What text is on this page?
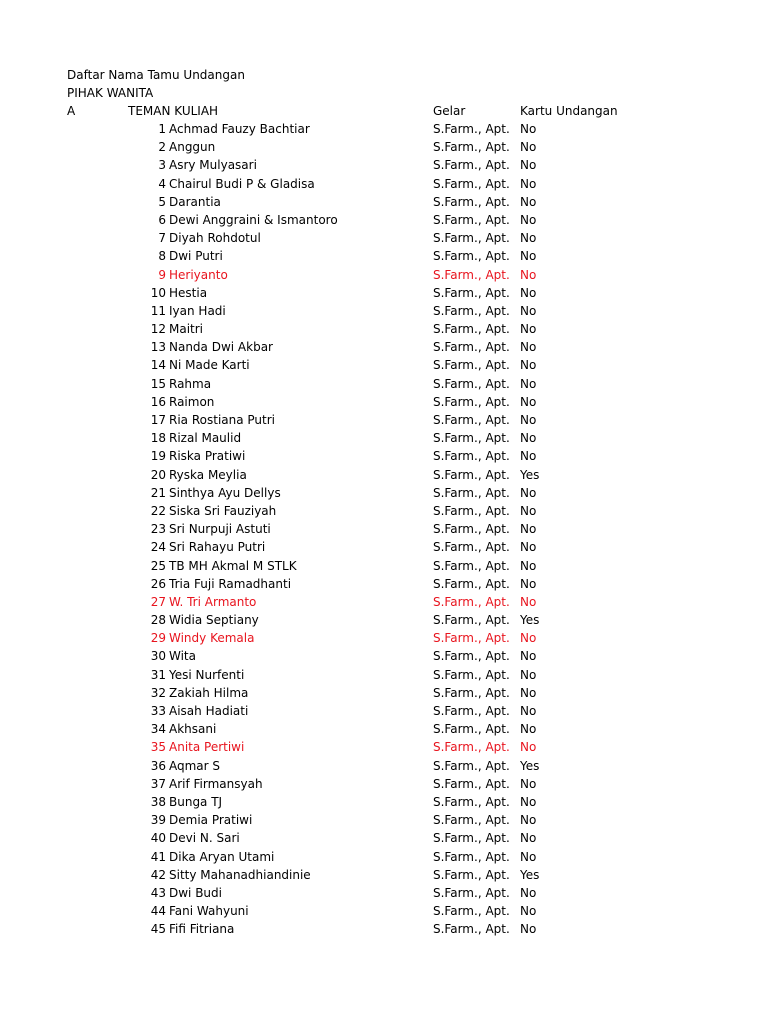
Daftar Nama Tamu Undangan
PIHAK WANITA
A	TEMAN KULIAH	Gelar	Kartu Undangan
1 Achmad Fauzy Bachtiar	S.Farm., Apt. No
2 Anggun	S.Farm., Apt. No
3 Asry Mulyasari	S.Farm., Apt. No
4 Chairul Budi P & Gladisa	S.Farm., Apt. No
5 Darantia	S.Farm., Apt. No
6 Dewi Anggraini & Ismantoro	S.Farm., Apt. No
7 Diyah Rohdotul	S.Farm., Apt. No
8 Dwi Putri	S.Farm., Apt. No
9 Heriyanto	S.Farm., Apt. No
10 Hestia	S.Farm., Apt. No
11 Iyan Hadi	S.Farm., Apt. No
12 Maitri	S.Farm., Apt. No
13 Nanda Dwi Akbar	S.Farm., Apt. No
14 Ni Made Karti	S.Farm., Apt. No
15 Rahma	S.Farm., Apt. No
16 Raimon	S.Farm., Apt. No
17 Ria Rostiana Putri	S.Farm., Apt. No
18 Rizal Maulid	S.Farm., Apt. No
19 Riska Pratiwi	S.Farm., Apt. No
20 Ryska Meylia	S.Farm., Apt. Yes
21 Sinthya Ayu Dellys	S.Farm., Apt. No
22 Siska Sri Fauziyah	S.Farm., Apt. No
23 Sri Nurpuji Astuti	S.Farm., Apt. No
24 Sri Rahayu Putri	S.Farm., Apt. No
25 TB MH Akmal M STLK	S.Farm., Apt. No
26 Tria Fuji Ramadhanti	S.Farm., Apt. No
27 W. Tri Armanto	S.Farm., Apt. No
28 Widia Septiany	S.Farm., Apt. Yes
29 Windy Kemala	S.Farm., Apt. No
30 Wita	S.Farm., Apt. No
31 Yesi Nurfenti	S.Farm., Apt. No
32 Zakiah Hilma	S.Farm., Apt. No
33 Aisah Hadiati	S.Farm., Apt. No
34 Akhsani	S.Farm., Apt. No
35 Anita Pertiwi	S.Farm., Apt. No
36 Aqmar S	S.Farm., Apt. Yes
37 Arif Firmansyah	S.Farm., Apt. No
38 Bunga TJ	S.Farm., Apt. No
39 Demia Pratiwi	S.Farm., Apt. No
40 Devi N. Sari	S.Farm., Apt. No
41 Dika Aryan Utami	S.Farm., Apt. No
42 Sitty Mahanadhiandinie	S.Farm., Apt. Yes
43 Dwi Budi	S.Farm., Apt. No
44 Fani Wahyuni	S.Farm., Apt. No
45 Fifi Fitriana	S.Farm., Apt. No
